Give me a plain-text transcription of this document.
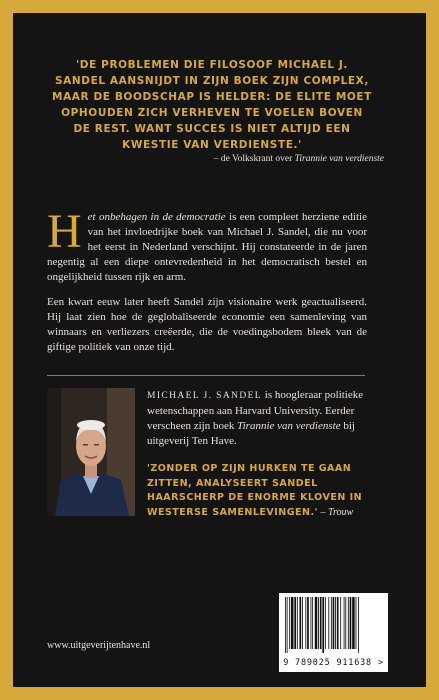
'DE PROBLEMEN DIE FILOSOOF MICHAEL J. SANDEL AANSNIJDT IN ZIJN BOEK ZIJN COMPLEX, MAAR DE BOODSCHAP IS HELDER: DE ELITE MOET OPHOUDEN ZICH VERHEVEN TE VOELEN BOVEN DE REST. WANT SUCCES IS NIET ALTIJD EEN KWESTIE VAN VERDIENSTE.'
– de Volkskrant over Tirannie van verdienste
Het onbehagen in de democratie is een compleet herziene editie van het invloedrijke boek van Michael J. Sandel, die nu voor het eerst in Nederland verschijnt. Hij constateerde in de jaren negentig al een diepe ontevredenheid in het democratisch bestel en ongelijkheid tussen rijk en arm.
Een kwart eeuw later heeft Sandel zijn visionaire werk geactualiseerd. Hij laat zien hoe de geglobaliseerde economie een samenleving van winnaars en verliezers creëerde, die de voedingsbodem bleek van de giftige politiek van onze tijd.
MICHAEL J. SANDEL is hoogleraar politieke wetenschappen aan Harvard University. Eerder verscheen zijn boek Tirannie van verdienste bij uitgeverij Ten Have.
'ZONDER OP ZIJN HURKEN TE GAAN ZITTEN, ANALYSEERT SANDEL HAARSCHERP DE ENORME KLOVEN IN WESTERSE SAMENLEVINGEN.' – Trouw
www.uitgeverijtenhave.nl
9 789025 911638 >
